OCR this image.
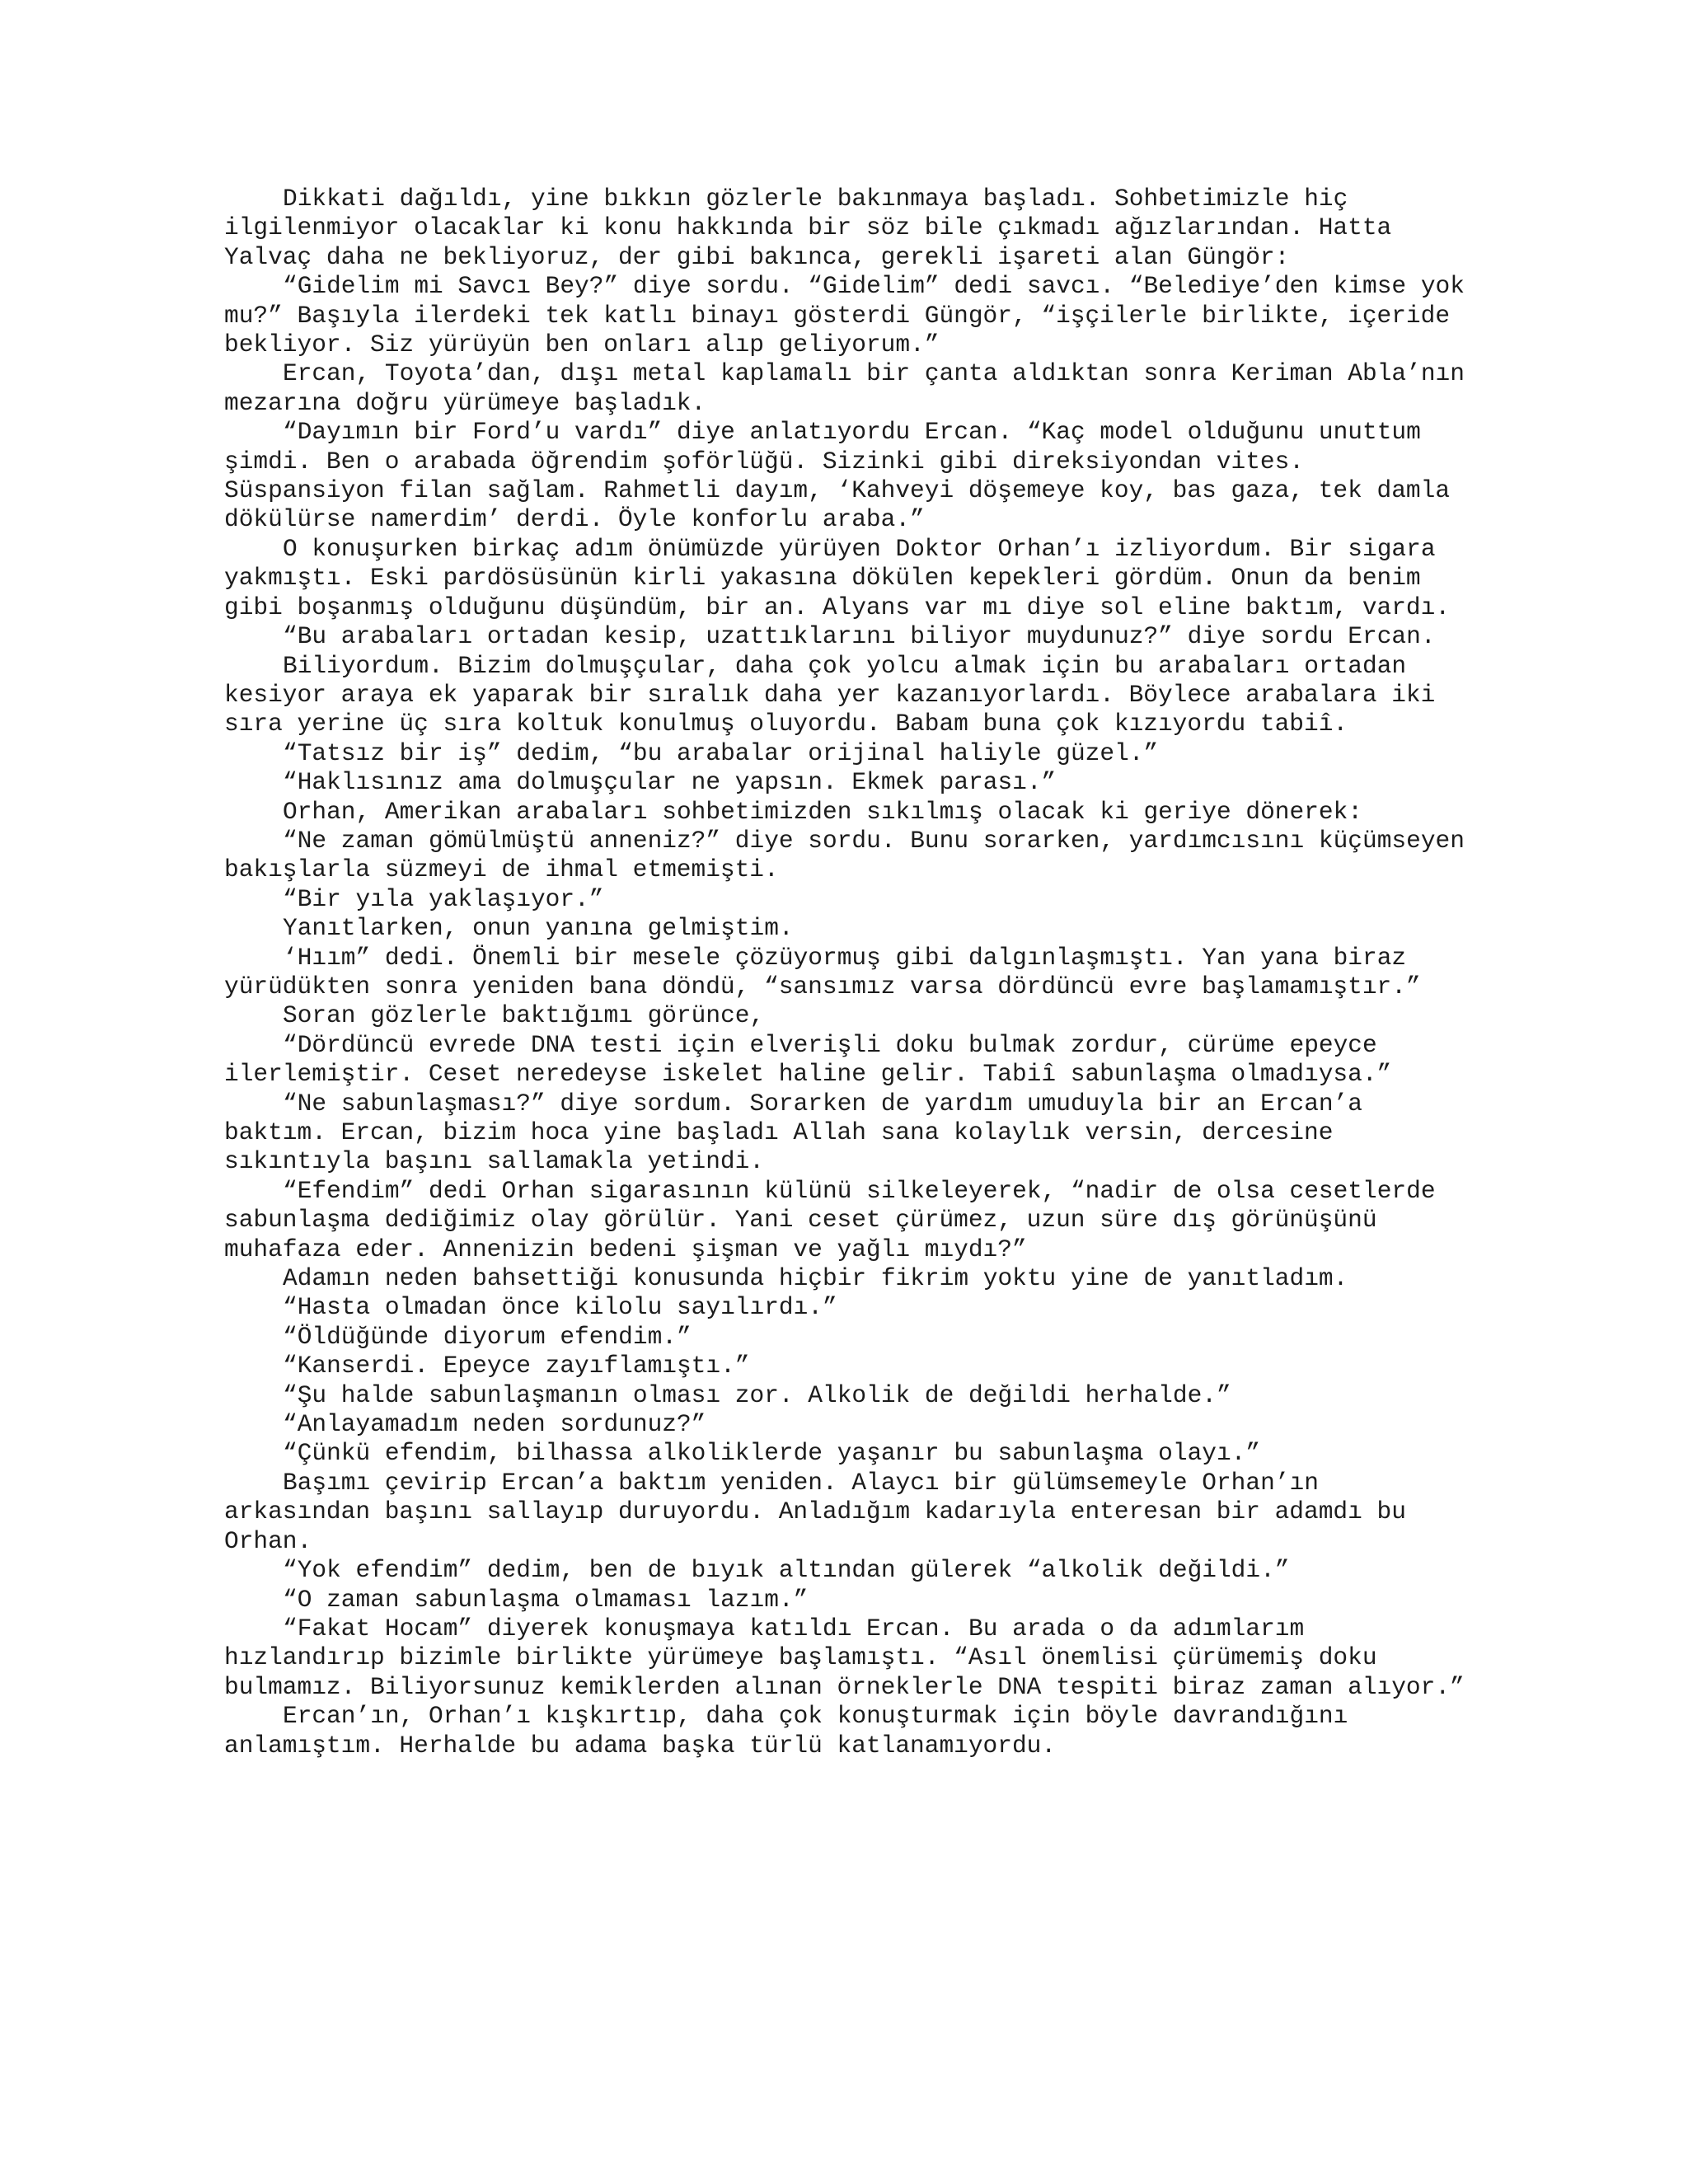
Dikkati dağıldı, yine bıkkın gözlerle bakınmaya başladı. Sohbetimizle hiç ilgilenmiyor olacaklar ki konu hakkında bir söz bile çıkmadı ağızlarından. Hatta Yalvaç daha ne bekliyoruz, der gibi bakınca, gerekli işareti alan Güngör:

“Gidelim mi Savcı Bey?” diye sordu. “Gidelim” dedi savcı. “Belediye’den kimse yok mu?” Başıyla ilerdeki tek katlı binayı gösterdi Güngör, “işçilerle birlikte, içeride bekliyor. Siz yürüyün ben onları alıp geliyorum.”

Ercan, Toyota’dan, dışı metal kaplamalı bir çanta aldıktan sonra Keriman Abla’nın mezarına doğru yürümeye başladık.

“Dayımın bir Ford’u vardı” diye anlatıyordu Ercan. “Kaç model olduğunu unuttum şimdi. Ben o arabada öğrendim şoförlüğü. Sizinki gibi direksiyondan vites. Süspansiyon filan sağlam. Rahmetli dayım, ‘Kahveyi döşemeye koy, bas gaza, tek damla dökülürse namerdim’ derdi. Öyle konforlu araba.”

O konuşurken birkaç adım önümüzde yürüyen Doktor Orhan’ı izliyordum. Bir sigara yakmıştı. Eski pardösüsünün kirli yakasına dökülen kepekleri gördüm. Onun da benim gibi boşanmış olduğunu düşündüm, bir an. Alyans var mı diye sol eline baktım, vardı.

“Bu arabaları ortadan kesip, uzattıklarını biliyor muydunuz?” diye sordu Ercan.

Biliyordum. Bizim dolmuşçular, daha çok yolcu almak için bu arabaları ortadan kesiyor araya ek yaparak bir sıralık daha yer kazanıyorlardı. Böylece arabalara iki sıra yerine üç sıra koltuk konulmuş oluyordu. Babam buna çok kızıyordu tabiî.

“Tatsız bir iş” dedim, “bu arabalar orijinal haliyle güzel.”

“Haklısınız ama dolmuşçular ne yapsın. Ekmek parası.”

Orhan, Amerikan arabaları sohbetimizden sıkılmış olacak ki geriye dönerek:

“Ne zaman gömülmüştü anneniz?” diye sordu. Bunu sorarken, yardımcısını küçümseyen bakışlarla süzmeyi de ihmal etmemişti.

“Bir yıla yaklaşıyor.”

Yanıtlarken, onun yanına gelmiştim.

‘Hıım” dedi. Önemli bir mesele çözüyormuş gibi dalgınlaşmıştı. Yan yana biraz yürüdükten sonra yeniden bana döndü, “sansımız varsa dördüncü evre başlamamıştır.”

Soran gözlerle baktığımı görünce,

“Dördüncü evrede DNA testi için elverişli doku bulmak zordur, cürüme epeyce ilerlemiştir. Ceset neredeyse iskelet haline gelir. Tabiî sabunlaşma olmadıysa.”

“Ne sabunlaşması?” diye sordum. Sorarken de yardım umuduyla bir an Ercan’a baktım. Ercan, bizim hoca yine başladı Allah sana kolaylık versin, dercesine sıkıntıyla başını sallamakla yetindi.

“Efendim” dedi Orhan sigarasının külünü silkeleyerek, “nadir de olsa cesetlerde sabunlaşma dediğimiz olay görülür. Yani ceset çürümez, uzun süre dış görünüşünü muhafaza eder. Annenizin bedeni şişman ve yağlı mıydı?”

Adamın neden bahsettiği konusunda hiçbir fikrim yoktu yine de yanıtladım.

“Hasta olmadan önce kilolu sayılırdı.”

“Öldüğünde diyorum efendim.”

“Kanserdi. Epeyce zayıflamıştı.”

“Şu halde sabunlaşmanın olması zor. Alkolik de değildi herhalde.”

“Anlayamadım neden sordunuz?”

“Çünkü efendim, bilhassa alkoliklerde yaşanır bu sabunlaşma olayı.”

Başımı çevirip Ercan’a baktım yeniden. Alaycı bir gülümsemeyle Orhan’ın arkasından başını sallayıp duruyordu. Anladığım kadarıyla enteresan bir adamdı bu Orhan.

“Yok efendim” dedim, ben de bıyık altından gülerek “alkolik değildi.”

“O zaman sabunlaşma olmaması lazım.”

“Fakat Hocam” diyerek konuşmaya katıldı Ercan. Bu arada o da adımlarım hızlandırıp bizimle birlikte yürümeye başlamıştı. “Asıl önemlisi çürümemiş doku bulmamız. Biliyorsunuz kemiklerden alınan örneklerle DNA tespiti biraz zaman alıyor.”

Ercan’ın, Orhan’ı kışkırtıp, daha çok konuşturmak için böyle davrandığını anlamıştım. Herhalde bu adama başka türlü katlanamıyordu.
